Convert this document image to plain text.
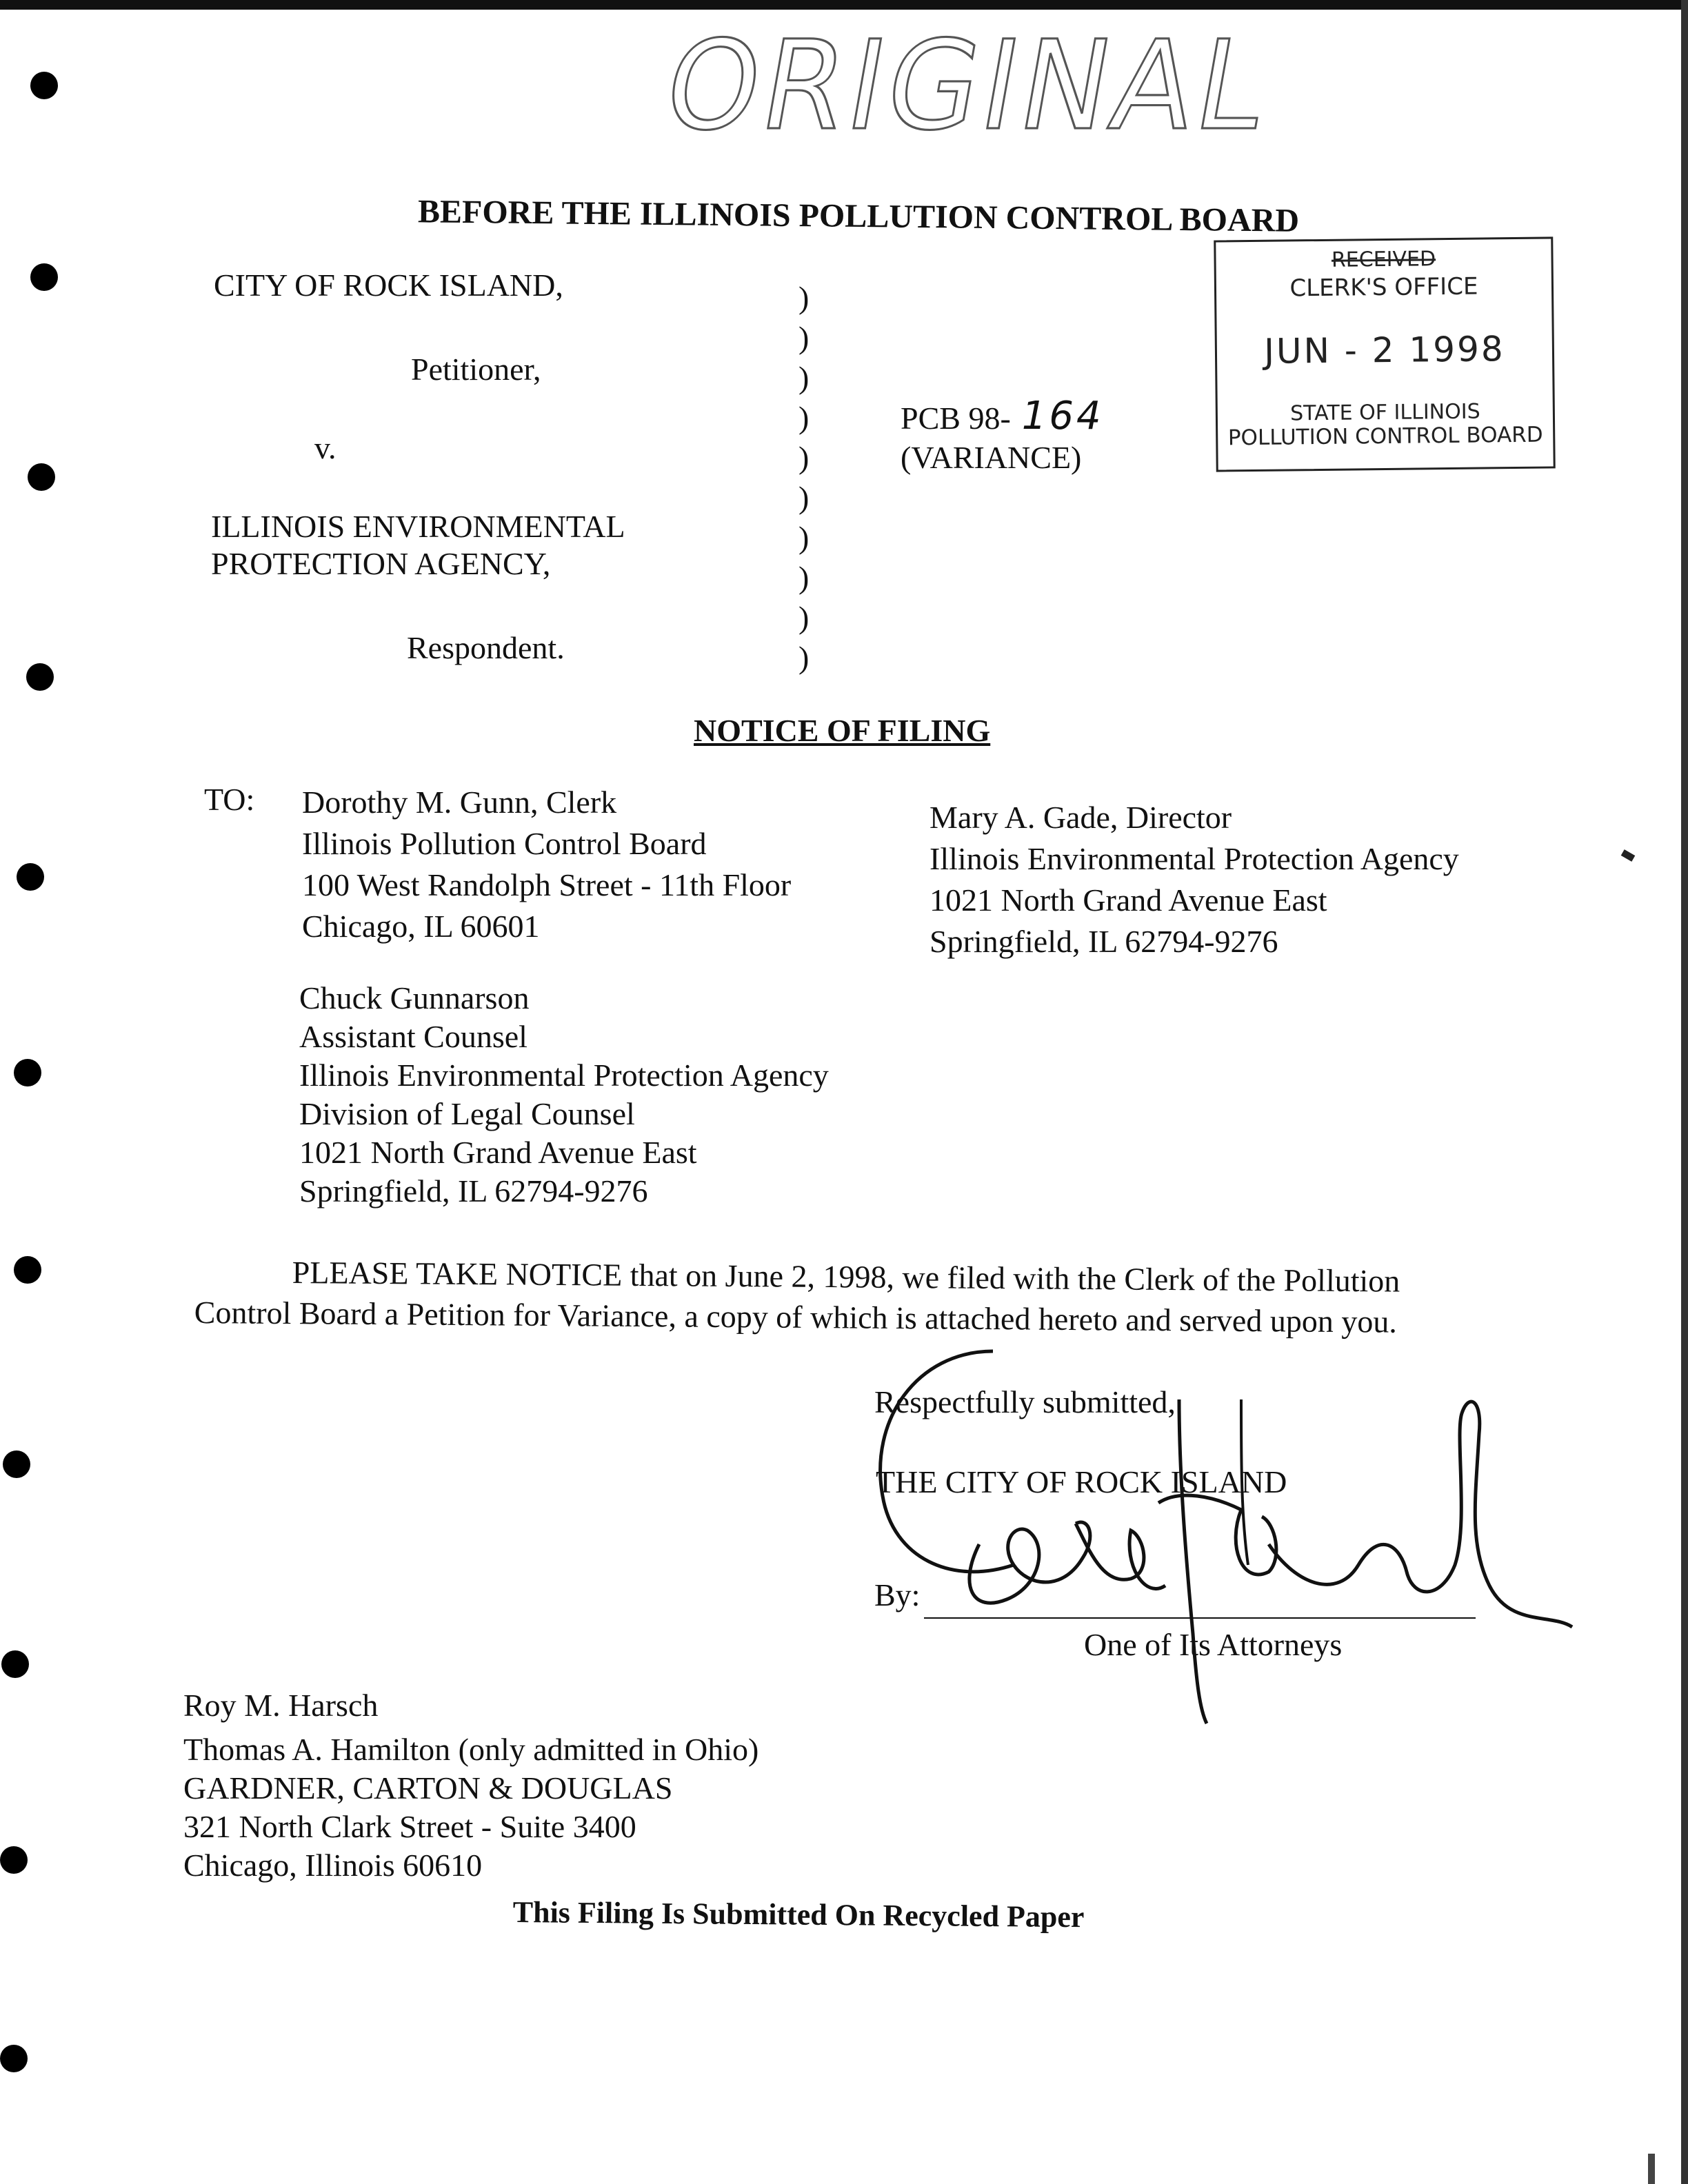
ORIGINAL
BEFORE THE ILLINOIS POLLUTION CONTROL BOARD
RECEIVED
CLERK'S OFFICE
JUN - 2 1998
STATE OF ILLINOIS
POLLUTION CONTROL BOARD
CITY OF ROCK ISLAND,
Petitioner,
v.
ILLINOIS ENVIRONMENTAL
PROTECTION AGENCY,
Respondent.
)
)
)
)
)
)
)
)
)
)
PCB 98- 164
(VARIANCE)
NOTICE OF FILING
TO: Dorothy M. Gunn, Clerk
Illinois Pollution Control Board
100 West Randolph Street - 11th Floor
Chicago, IL 60601
Mary A. Gade, Director
Illinois Environmental Protection Agency
1021 North Grand Avenue East
Springfield, IL 62794-9276
Chuck Gunnarson
Assistant Counsel
Illinois Environmental Protection Agency
Division of Legal Counsel
1021 North Grand Avenue East
Springfield, IL 62794-9276
PLEASE TAKE NOTICE that on June 2, 1998, we filed with the Clerk of the Pollution
Control Board a Petition for Variance, a copy of which is attached hereto and served upon you.
Respectfully submitted,
THE CITY OF ROCK ISLAND
By:
One of Its Attorneys
Roy M. Harsch
Thomas A. Hamilton (only admitted in Ohio)
GARDNER, CARTON & DOUGLAS
321 North Clark Street - Suite 3400
Chicago, Illinois 60610
This Filing Is Submitted On Recycled Paper
